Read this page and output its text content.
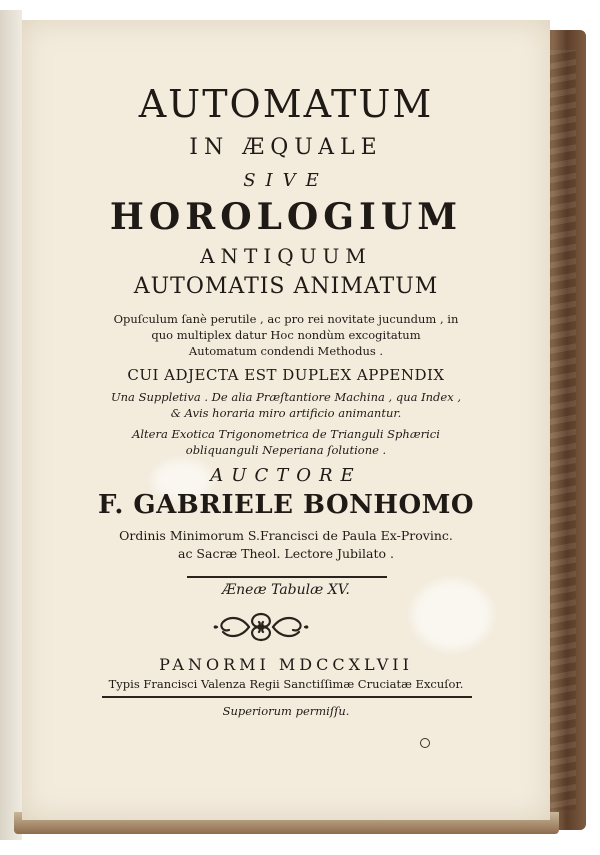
AUTOMATUM
IN ÆQUALE
SIVE
HOROLOGIUM
ANTIQUUM
AUTOMATIS ANIMATUM
Opuſculum ſanè perutile , ac pro rei novitate jucundum , in
quo multiplex datur Hoc nondùm excogitatum
Automatum condendi Methodus .
CUI ADJECTA EST DUPLEX APPENDIX
Una Suppletiva . De alia Præſtantiore Machina , qua Index ,
& Avis horaria miro artificio animantur.
Altera Exotica Trigonometrica de Trianguli Sphærici
obliquanguli Neperiana ſolutione .
AUCTORE
F. GABRIELE BONHOMO
Ordinis Minimorum S.Francisci de Paula Ex-Provinc.
ac Sacræ Theol. Lectore Jubilato .
Æneæ Tabulæ XV.
PANORMI MDCCXLVII
Typis Francisci Valenza Regii Sanctiſſimæ Cruciatæ Excuſor.
Superiorum permiſſu.
